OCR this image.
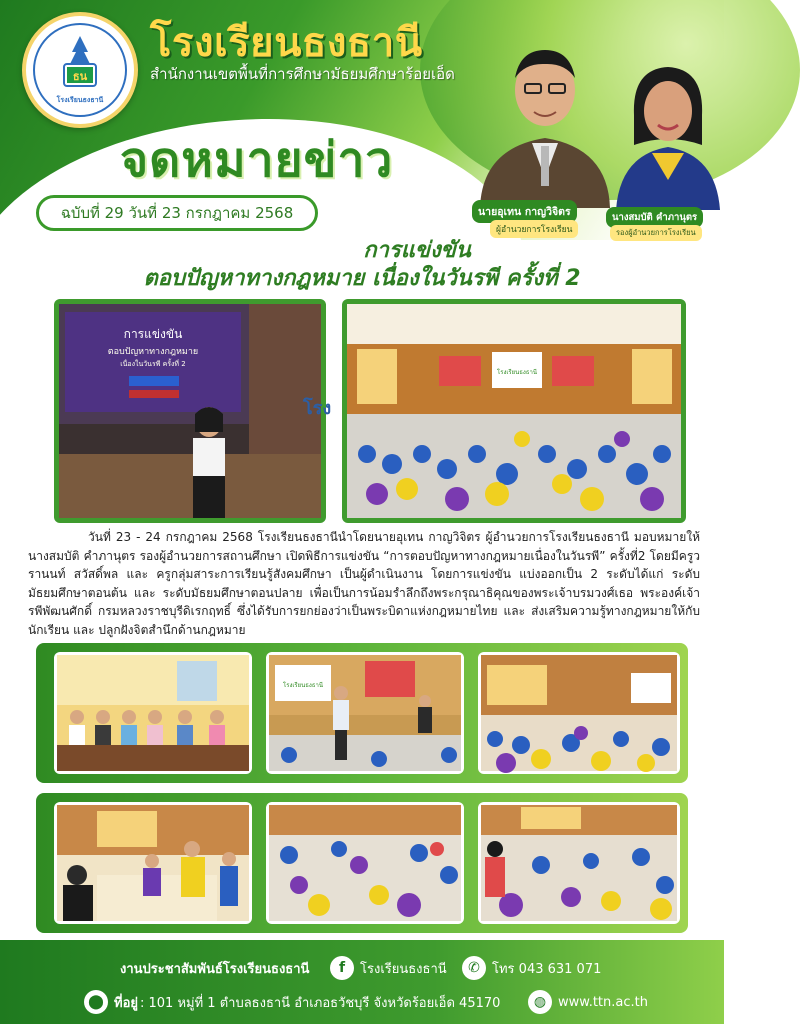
ธน
โรงเรียนธงธานี
โรงเรียนธงธานี
สำนักงานเขตพื้นที่การศึกษามัธยมศึกษาร้อยเอ็ด
จดหมายข่าว
ฉบับที่ 29 วันที่ 23 กรกฎาคม 2568	นายอุเทน กาญวิจิตร
ผู้อำนวยการโรงเรียน
นางสมบัติ คำภานุตร
รองผู้อำนวยการโรงเรียน
การแข่งขัน
ตอบปัญหาทางกฎหมาย เนื่องในวันรพี ครั้งที่ 2
การแข่งขัน
ตอบปัญหาทางกฎหมาย
เนื่องในวันรพี ครั้งที่ 2
โรง
โรงเรียนธงธานี
วันที่ 23 - 24 กรกฎาคม 2568 โรงเรียนธงธานีนำโดยนายอุเทน กาญวิจิตร ผู้อำนวยการโรงเรียนธงธานี มอบหมายให้นางสมบัติ คำภานุตร รองผู้อำนวยการสถานศึกษา เปิดพิธีการแข่งขัน “การตอบปัญหาทางกฎหมายเนื่องในวันรพี” ครั้งที่2 โดยมีครูวรานนท์ สวัสดิ์พล และ ครูกลุ่มสาระการเรียนรู้สังคมศึกษา เป็นผู้ดำเนินงาน โดยการแข่งขัน แบ่งออกเป็น 2 ระดับได้แก่ ระดับมัธยมศึกษาตอนต้น และ ระดับมัธยมศึกษาตอนปลาย เพื่อเป็นการน้อมรำลึกถึงพระกรุณาธิคุณของพระเจ้าบรมวงศ์เธอ พระองค์เจ้ารพีพัฒนศักดิ์ กรมหลวงราชบุรีดิเรกฤทธิ์ ซึ่งได้รับการยกย่องว่าเป็นพระบิดาแห่งกฎหมายไทย และ ส่งเสริมความรู้ทางกฎหมายให้กับนักเรียน และ ปลูกฝังจิตสำนึกด้านกฎหมาย
โรงเรียนธงธานี
งานประชาสัมพันธ์โรงเรียนธงธานี	f	โรงเรียนธงธานี	✆ โทร 043 631 071
⬤ ที่อยู่ : 101 หมู่ที่ 1 ตำบลธงธานี อำเภอธวัชบุรี จังหวัดร้อยเอ็ด 45170	◍ www.ttn.ac.th
